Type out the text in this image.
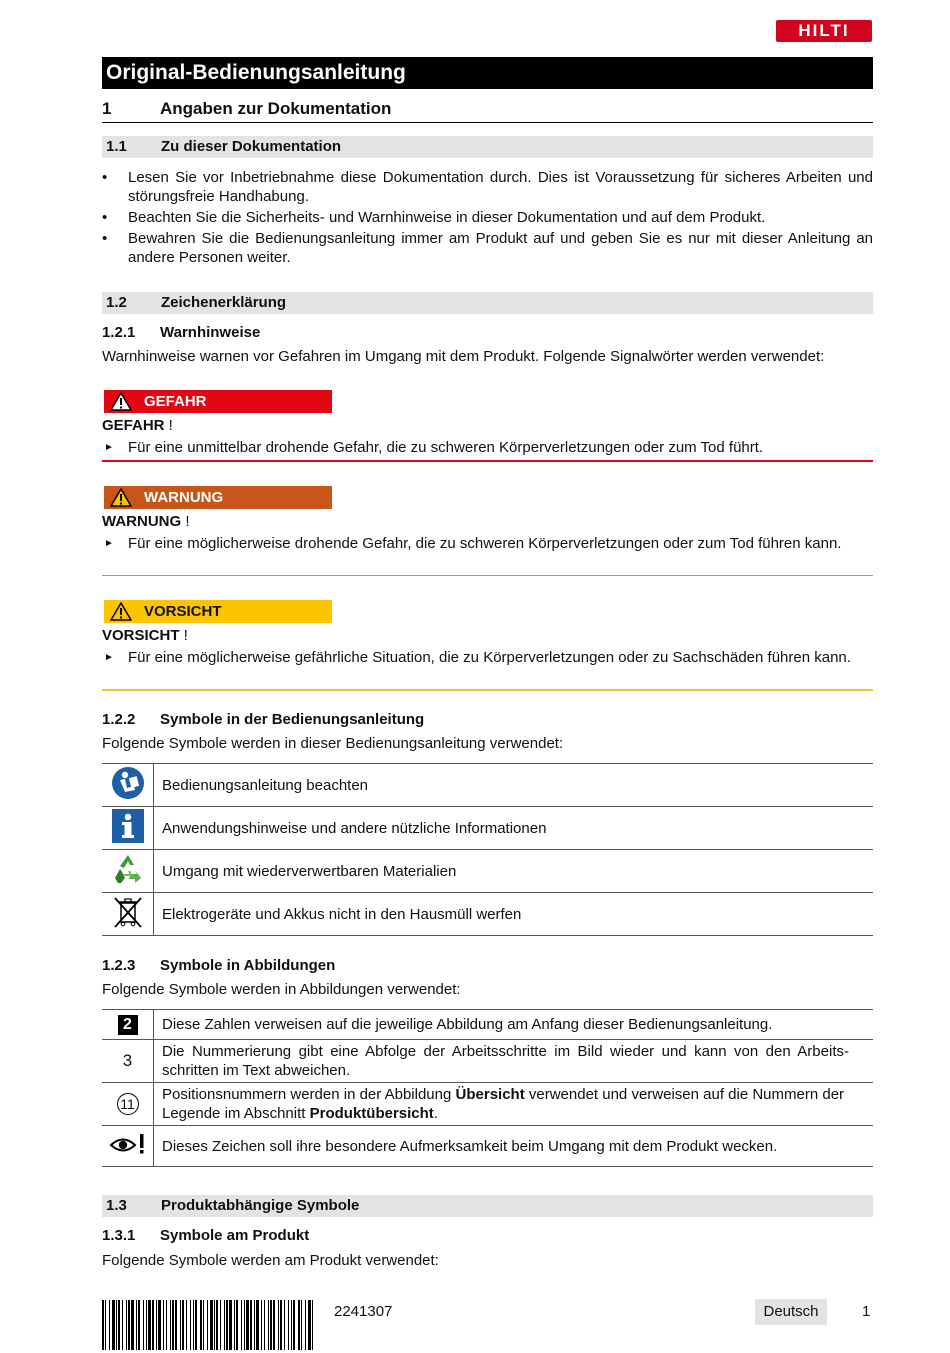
HILTI
Original-Bedienungsanleitung
1	Angaben zur Dokumentation
1.1 Zu dieser Dokumentation
• Lesen Sie vor Inbetriebnahme diese Dokumentation durch. Dies ist Voraussetzung für sicheres Arbeiten und störungsfreie Handhabung.
• Beachten Sie die Sicherheits- und Warnhinweise in dieser Dokumentation und auf dem Produkt.
• Bewahren Sie die Bedienungsanleitung immer am Produkt auf und geben Sie es nur mit dieser Anleitung an andere Personen weiter.
1.2 Zeichenerklärung
1.2.1 Warnhinweise
Warnhinweise warnen vor Gefahren im Umgang mit dem Produkt. Folgende Signalwörter werden verwendet:
GEFAHR
GEFAHR !
► Für eine unmittelbar drohende Gefahr, die zu schweren Körperverletzungen oder zum Tod führt.
WARNUNG
WARNUNG !
► Für eine möglicherweise drohende Gefahr, die zu schweren Körperverletzungen oder zum Tod führen kann.
VORSICHT
VORSICHT !
► Für eine möglicherweise gefährliche Situation, die zu Körperverletzungen oder zu Sachschäden führen kann.
1.2.2 Symbole in der Bedienungsanleitung
Folgende Symbole werden in dieser Bedienungsanleitung verwendet:
	Bedienungsanleitung beachten
	Anwendungshinweise und andere nützliche Informationen
	Umgang mit wiederverwertbaren Materialien
	Elektrogeräte und Akkus nicht in den Hausmüll werfen
1.2.3 Symbole in Abbildungen
Folgende Symbole werden in Abbildungen verwendet:
2	Diese Zahlen verweisen auf die jeweilige Abbildung am Anfang dieser Bedienungsanleitung.
3	Die Nummerierung gibt eine Abfolge der Arbeitsschritte im Bild wieder und kann von den Arbeitsschritten im Text abweichen.
11	Positionsnummern werden in der Abbildung Übersicht verwendet und verweisen auf die Nummern der Legende im Abschnitt Produktübersicht.
	Dieses Zeichen soll ihre besondere Aufmerksamkeit beim Umgang mit dem Produkt wecken.
1.3 Produktabhängige Symbole
1.3.1 Symbole am Produkt
Folgende Symbole werden am Produkt verwendet:
2241307	Deutsch	1
